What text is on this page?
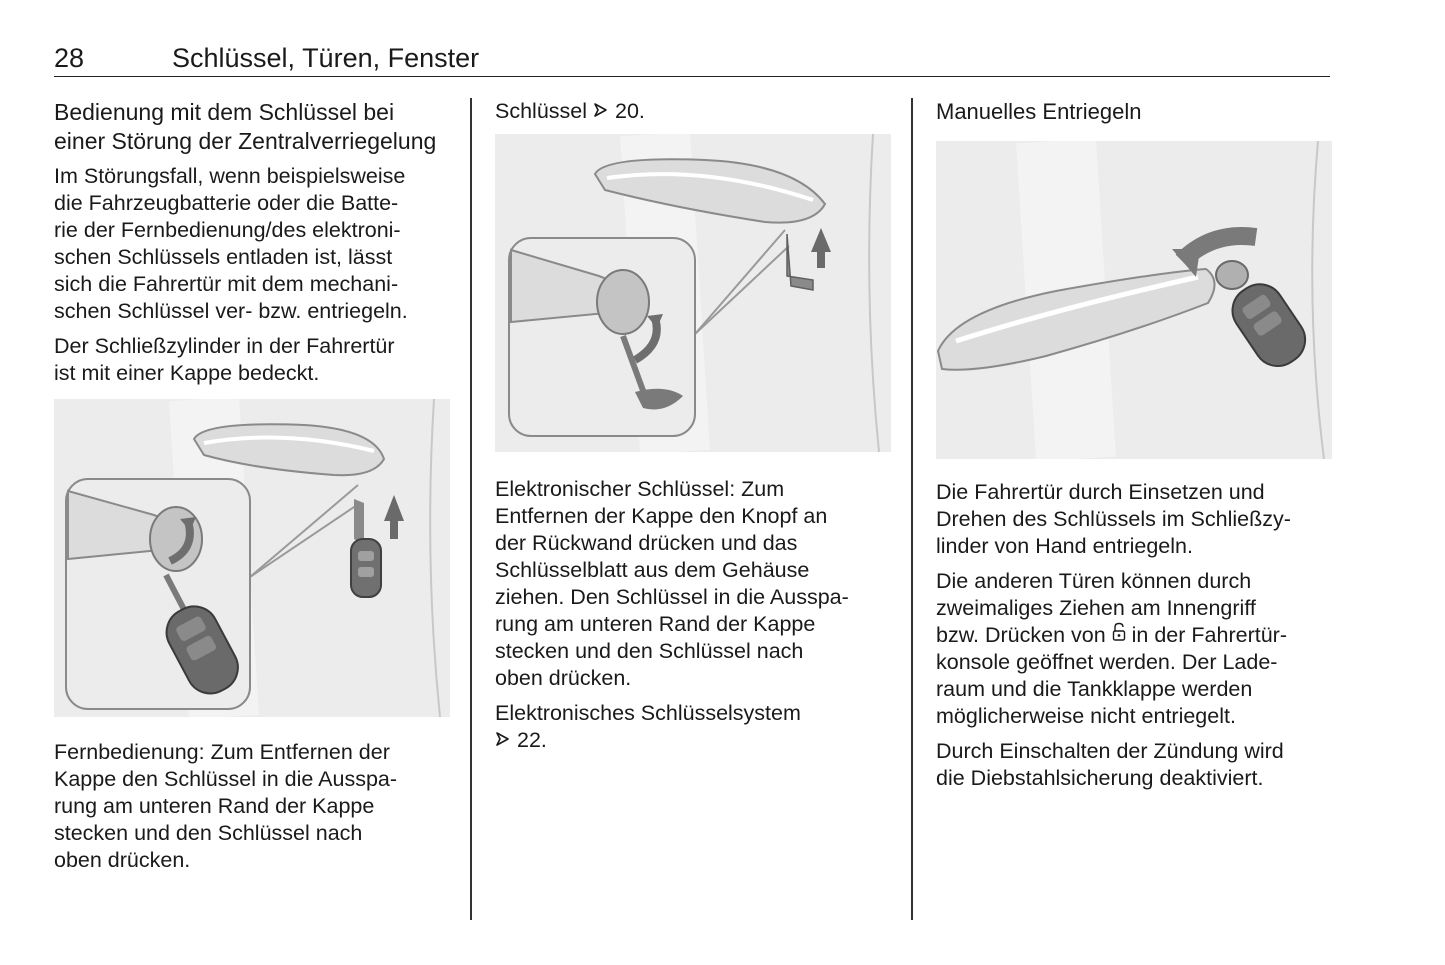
28	Schlüssel, Türen, Fenster
Bedienung mit dem Schlüssel bei einer Störung der Zentralverriegelung

Im Störungsfall, wenn beispielsweise
die Fahrzeugbatterie oder die Batte-
rie der Fernbedienung/des elektroni-
schen Schlüssels entladen ist, lässt
sich die Fahrertür mit dem mechani-
schen Schlüssel ver- bzw. entriegeln.

Der Schließzylinder in der Fahrertür
ist mit einer Kappe bedeckt.

Fernbedienung: Zum Entfernen der
Kappe den Schlüssel in die Ausspa-
rung am unteren Rand der Kappe
stecken und den Schlüssel nach
oben drücken.

Schlüssel 20.

Elektronischer Schlüssel: Zum
Entfernen der Kappe den Knopf an
der Rückwand drücken und das
Schlüsselblatt aus dem Gehäuse
ziehen. Den Schlüssel in die Ausspa-
rung am unteren Rand der Kappe
stecken und den Schlüssel nach
oben drücken.

Elektronisches Schlüsselsystem
22.

Manuelles Entriegeln

Die Fahrertür durch Einsetzen und
Drehen des Schlüssels im Schließzy-
linder von Hand entriegeln.

Die anderen Türen können durch
zweimaliges Ziehen am Innengriff
bzw. Drücken von  in der Fahrertür-
konsole geöffnet werden. Der Lade-
raum und die Tankklappe werden
möglicherweise nicht entriegelt.

Durch Einschalten der Zündung wird
die Diebstahlsicherung deaktiviert.
